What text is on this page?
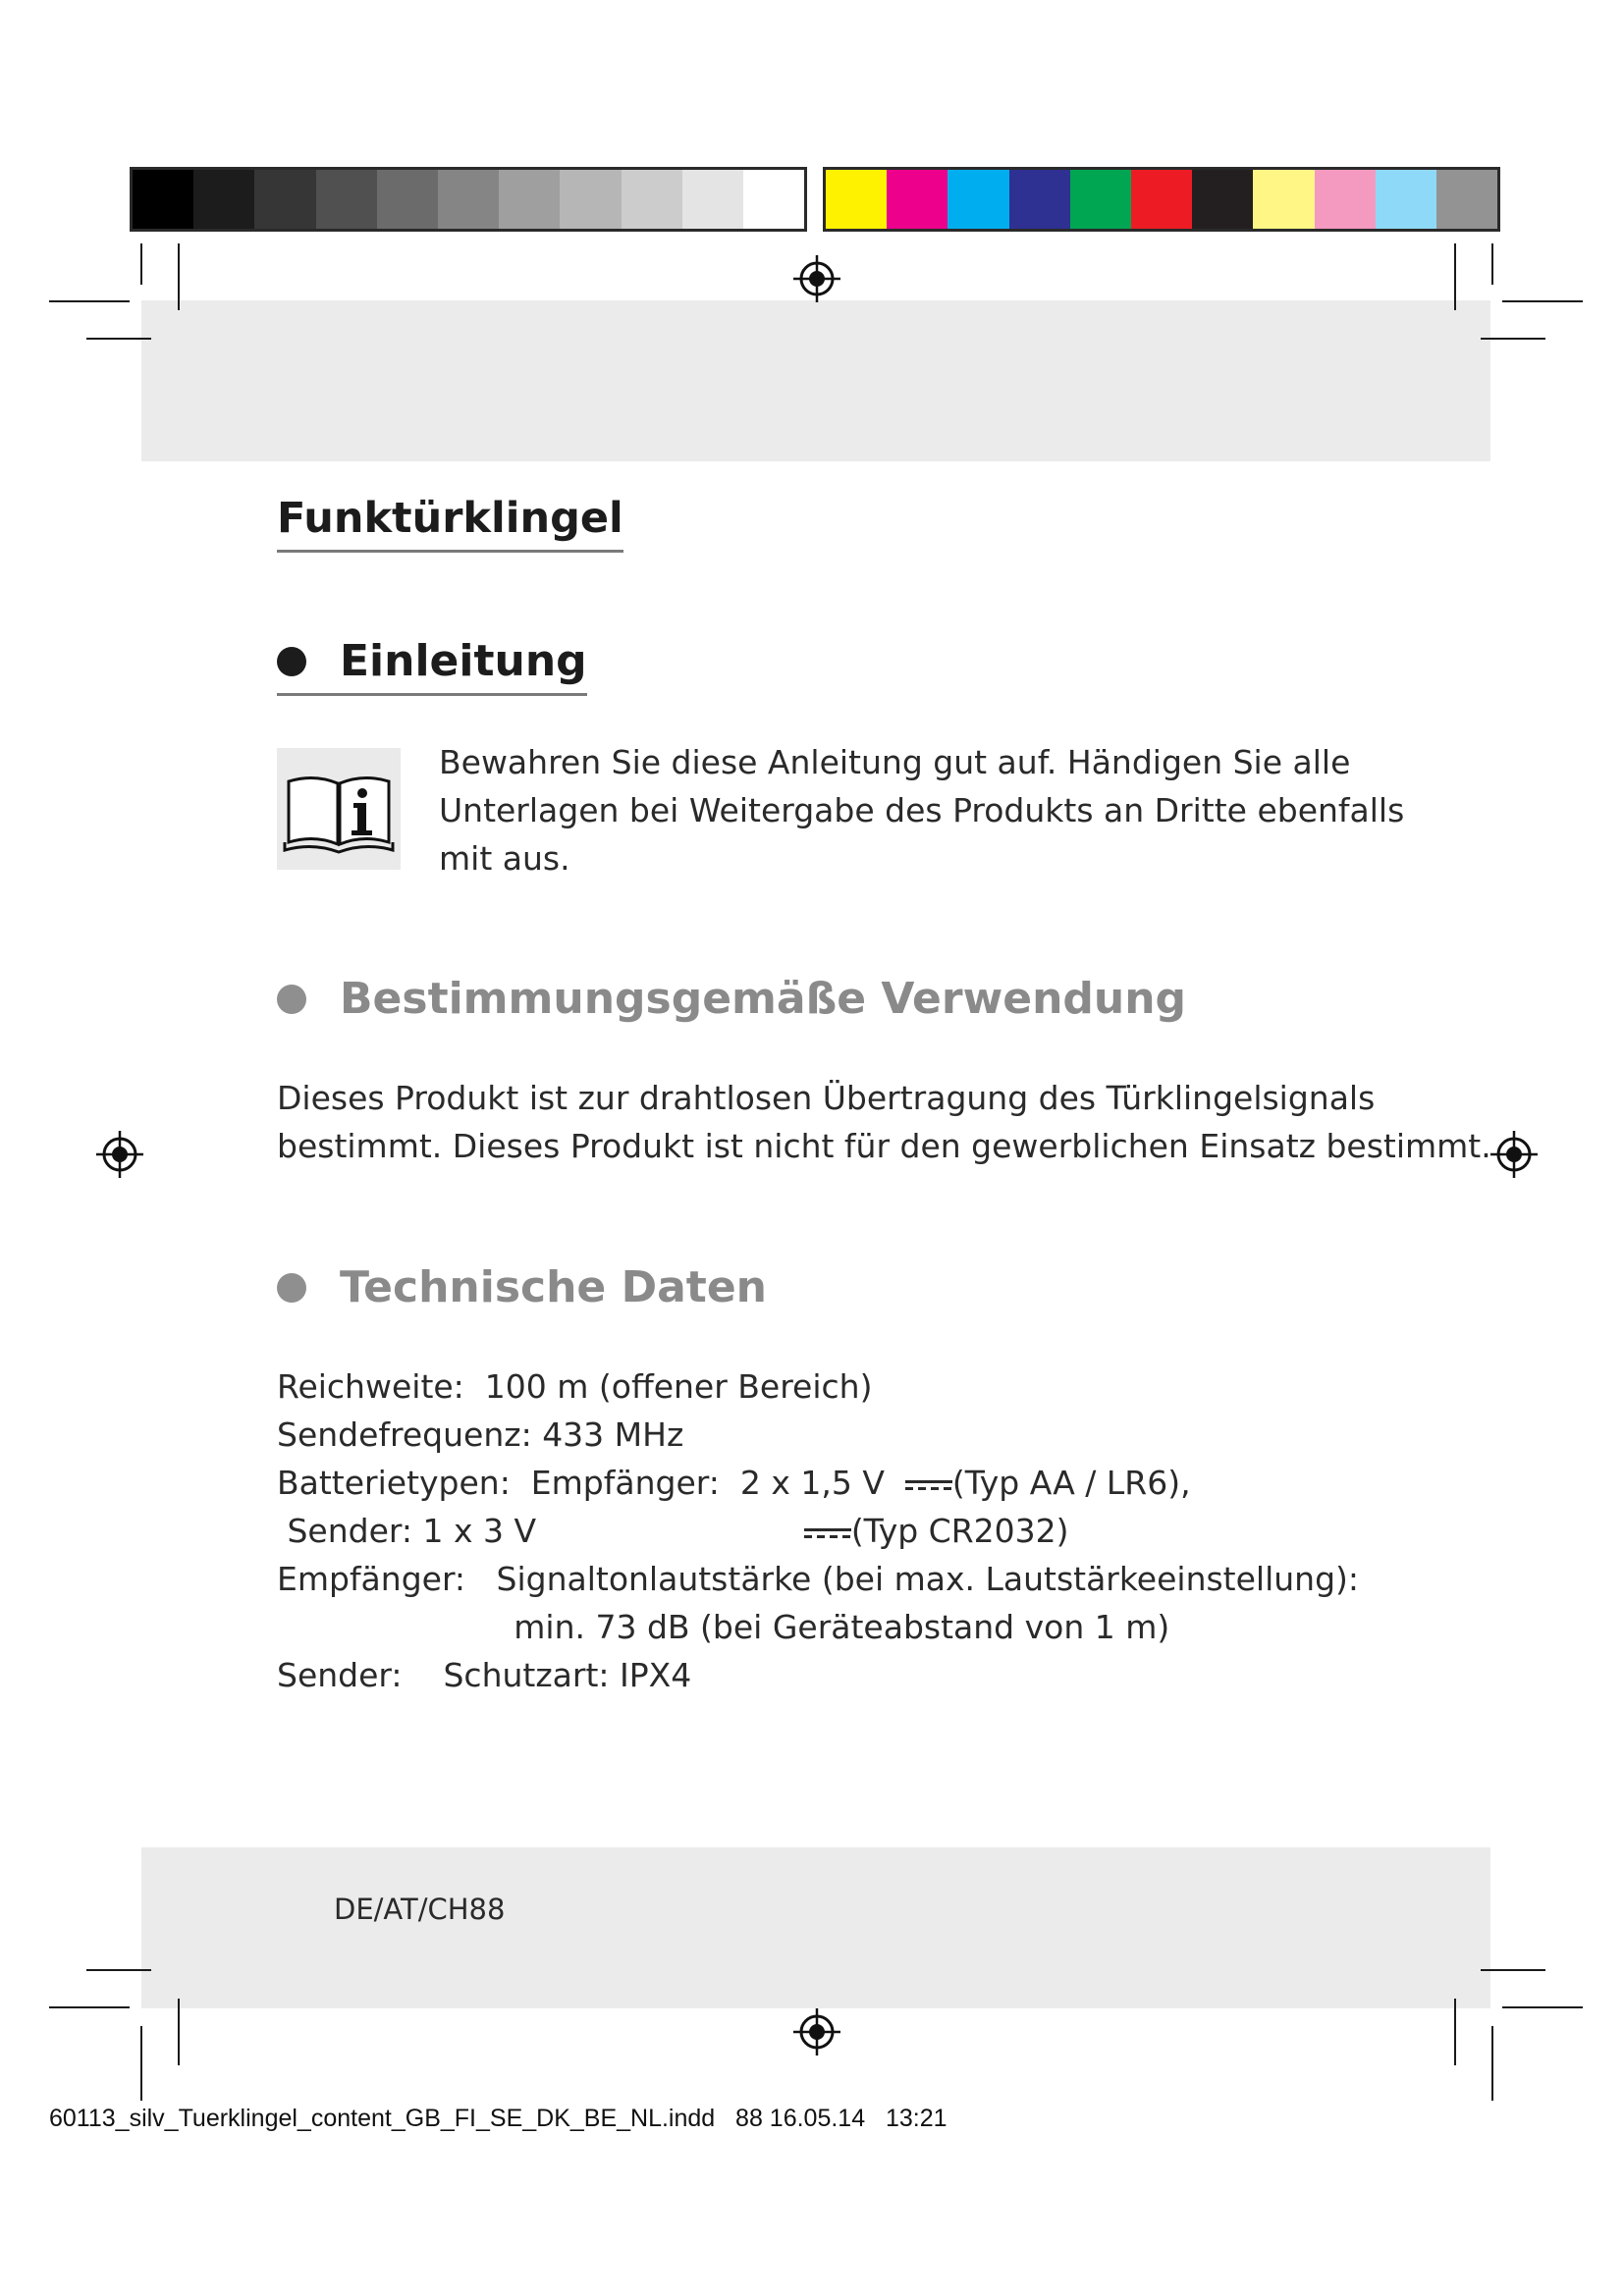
Funktürklingel
Einleitung

Bewahren Sie diese Anleitung gut auf. Händigen Sie alle

Unterlagen bei Weitergabe des Produkts an Dritte ebenfalls

mit aus.

Bestimmungsgemäße Verwendung

Dieses Produkt ist zur drahtlosen Übertragung des Türklingelsignals

bestimmt. Dieses Produkt ist nicht für den gewerblichen Einsatz bestimmt.

Technische Daten

Reichweite:  100 m (offener Bereich)

Sendefrequenz: 433 MHz

Batterietypen:  Empfänger:  2 x 1,5 V  (Typ AA / LR6),

Sender: 1 x 3 V                          (Typ CR2032)

Empfänger:   Signaltonlautstärke (bei max. Lautstärkeeinstellung):

min. 73 dB (bei Geräteabstand von 1 m)

Sender:    Schutzart: IPX4

DE/AT/CH88
60113_silv_Tuerklingel_content_GB_FI_SE_DK_BE_NL.indd   88 16.05.14   13:21
